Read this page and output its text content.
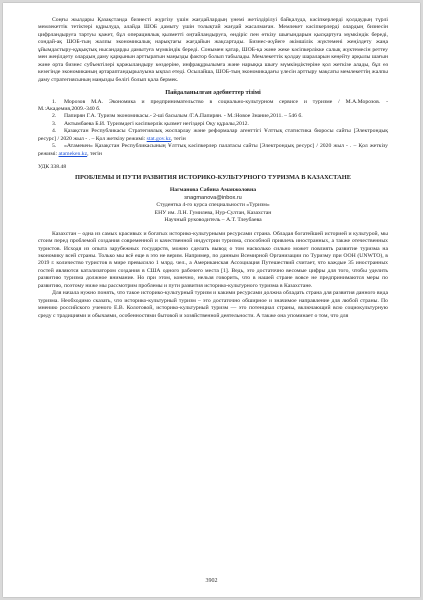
Соңғы жылдары Қазақстанда бизнесті жүргізу үшін жағдайлардың үнемі жетілдірілуі байқалуда, кәсіпкерлерді қолдаудың түрлі мемлекеттік тетіктері құрылуда, алайда ШОБ дамыту үшін толықтай жағдай жасалмаған. Мемлекет кәсіпкерлерді олардың бизнесін цифрландыруға тартуы қажет, бұл операциялық қызметті оңтайландыруға, өндіріс пен өткізу шығындарын қысқартуға мүмкіндік береді, сондай-ақ ШОБ-тың жалпы экономикалық нарықтағы жағдайын жақсартады. Бизнес-жүйеге әкімшілік жүктемені жеңілдету жаңа ұйымдастыру-құқықтық нысандарды дамытуға мүмкіндік береді. Сонымен қатар, ШОБ-қа және жеке кәсіпкерлікке салық жүктемесін реттеу мен жеңілдету олардың даму қарқынын арттыратын маңызды фактор болып табылады. Мемлекеттік қолдау шараларын кеңейту арқылы шағын және орта бизнес субъектілері қаржыландыру көздеріне, инфрақұрылымға және нарыққа шығу мүмкіндіктеріне қол жеткізе алады, бұл өз кезегінде экономиканың әртараптандырылуына ықпал етеді. Осылайша, ШОБ-тың экономикадағы үлесін арттыру мақсаты мемлекеттің жалпы даму стратегиясының маңызды бөлігі болып қала бермек.

Пайдаланылған әдебиеттер тізімі

1. Морозов М.А. Экономика и предпринимательство в социально-культурном сервисе и туризме / М.А.Морозов. - М.:Академия,2009.-340 б.

2. Папирян Г.А. Туризм экономикасы.- 2-ші басылым /Г.А.Папирян. - М.:Новое Знание,2011. – 546 б.

3. Актымбаева Б.И. Туризмдегі кәсіпкерлік қызмет негіздері Оқу құралы,2012.

4. Қазақстан Республикасы Стратегиялық жоспарлау және реформалар агенттігі Ұлттық статистика бюросы сайты [Электрондық ресурс] / 2020 жыл - . – Қол жеткізу режимі: stat.gov.kz, тегін

5. «Атамекен» Қазақстан Республикасының Ұлттық кәсіпкерлер палатасы сайты [Электрондық ресурс] / 2020 жыл - . – Қол жеткізу режимі: atameken.kz, тегін

УДК 338.48

ПРОБЛЕМЫ И ПУТИ РАЗВИТИЯ ИСТОРИКО-КУЛЬТУРНОГО ТУРИЗМА В КАЗАХСТАНЕ
Нагманова Сабина Аманжоловна
snagmanova@inbox.ru
Студентка 4-го курса специальности «Туризм»
ЕНУ им. Л.Н. Гумилева, Нур-Султан, Казахстан
Научный руководитель – А.Т. Тлеубаева

Казахстан – одна из самых красивых и богатых историко-культурными ресурсами страна. Обладая богатейшей историей и культурой, мы стоим перед проблемой создания современной и качественной индустрии туризма, способной привлечь иностранных, а также отечественных туристов. Исходя из опыта зарубежных государств, можно сделать вывод о том насколько сильно может повлиять развитие туризма на экономику всей страны. Только мы всё еще в это не верим. Например, по данным Всемирной Организации по Туризму при ООН (UNWTO), в 2019 г. количество туристов в мире превысило 1 млрд. чел., а Американская Ассоциация Путешествий считает, что каждые 35 иностранных гостей являются катализатором создания в США одного рабочего места [1]. Ведь, это достаточно весомые цифры для того, чтобы уделить развитию туризма должное внимание. Но при этом, конечно, нельзя говорить, что в нашей стране вовсе не предпринимаются меры по развитию, поэтому ниже мы рассмотрим проблемы и пути развития историко-культурного туризма в Казахстане.

Для начала нужно понять, что такое историко-культурный туризм и какими ресурсами должна обладать страна для развития данного вида туризма. Необходимо сказать, что историко-культурный туризм – это достаточно обширное и значимое направление для любой страны. По мнению российского ученого Е.В. Колотовой, историко-культурный туризм — это потенциал страны, включающий всю социокультурную среду с традициями и обычаями, особенностями бытовой и хозяйственной деятельности. А также она упоминает о том, что для

3902
